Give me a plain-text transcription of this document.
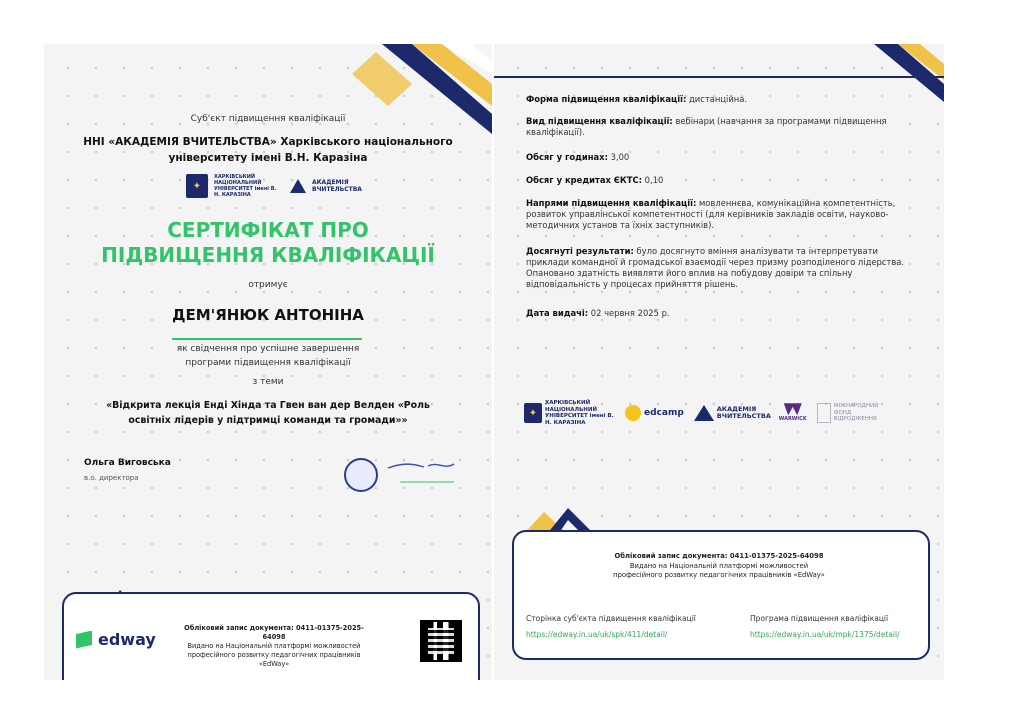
Суб'єкт підвищення кваліфікації
ННІ «АКАДЕМІЯ ВЧИТЕЛЬСТВА» Харківського національного
університету імені В.Н. Каразіна
✦
ХАРКІВСЬКИЙ НАЦІОНАЛЬНИЙ УНІВЕРСИТЕТ імені В. Н. КАРАЗІНА
АКАДЕМІЯ ВЧИТЕЛЬСТВА
СЕРТИФІКАТ ПРО
ПІДВИЩЕННЯ КВАЛІФІКАЦІЇ
отримує
ДЕМ'ЯНЮК АНТОНІНА
як свідчення про успішне завершення
програми підвищення кваліфікації
з теми
«Відкрита лекція Енді Хінда та Гвен ван дер Велден «Роль
освітніх лідерів у підтримці команди та громади»»
Ольга Виговська
в.о. директора
edway
Обліковий запис документа: 0411-01375-2025-64098
Видано на Національній платформі можливостей
професійного розвитку педагогічних працівників «EdWay»
Форма підвищення кваліфікації: дистанційна.
Вид підвищення кваліфікації: вебінари (навчання за програмами підвищення кваліфікації).
Обсяг у годинах: 3,00
Обсяг у кредитах ЄКТС: 0,10
Напрями підвищення кваліфікації: мовленнєва, комунікаційна компетентність, розвиток управлінської компетентності (для керівників закладів освіти, науково-методичних установ та їхніх заступників).
Досягнуті результати: було досягнуто вміння аналізувати та інтерпретувати приклади командної й громадської взаємодії через призму розподіленого лідерства. Опановано здатність виявляти його вплив на побудову довіри та спільну відповідальність у процесах прийняття рішень.
Дата видачі: 02 червня 2025 р.
✦
ХАРКІВСЬКИЙ НАЦІОНАЛЬНИЙ УНІВЕРСИТЕТ імені В. Н. КАРАЗІНА
edcamp	АКАДЕМІЯ ВЧИТЕЛЬСТВА WARWICK
МІЖНАРОДНИЙ ФОНД ВІДРОДЖЕННЯ
Обліковий запис документа: 0411-01375-2025-64098
Видано на Національній платформі можливостей
професійного розвитку педагогічних працівників «EdWay»
Сторінка суб'єкта підвищення кваліфікації
https://edway.in.ua/uk/spk/411/detail/
Програма підвищення кваліфікації
https://edway.in.ua/uk/mpk/1375/detail/
